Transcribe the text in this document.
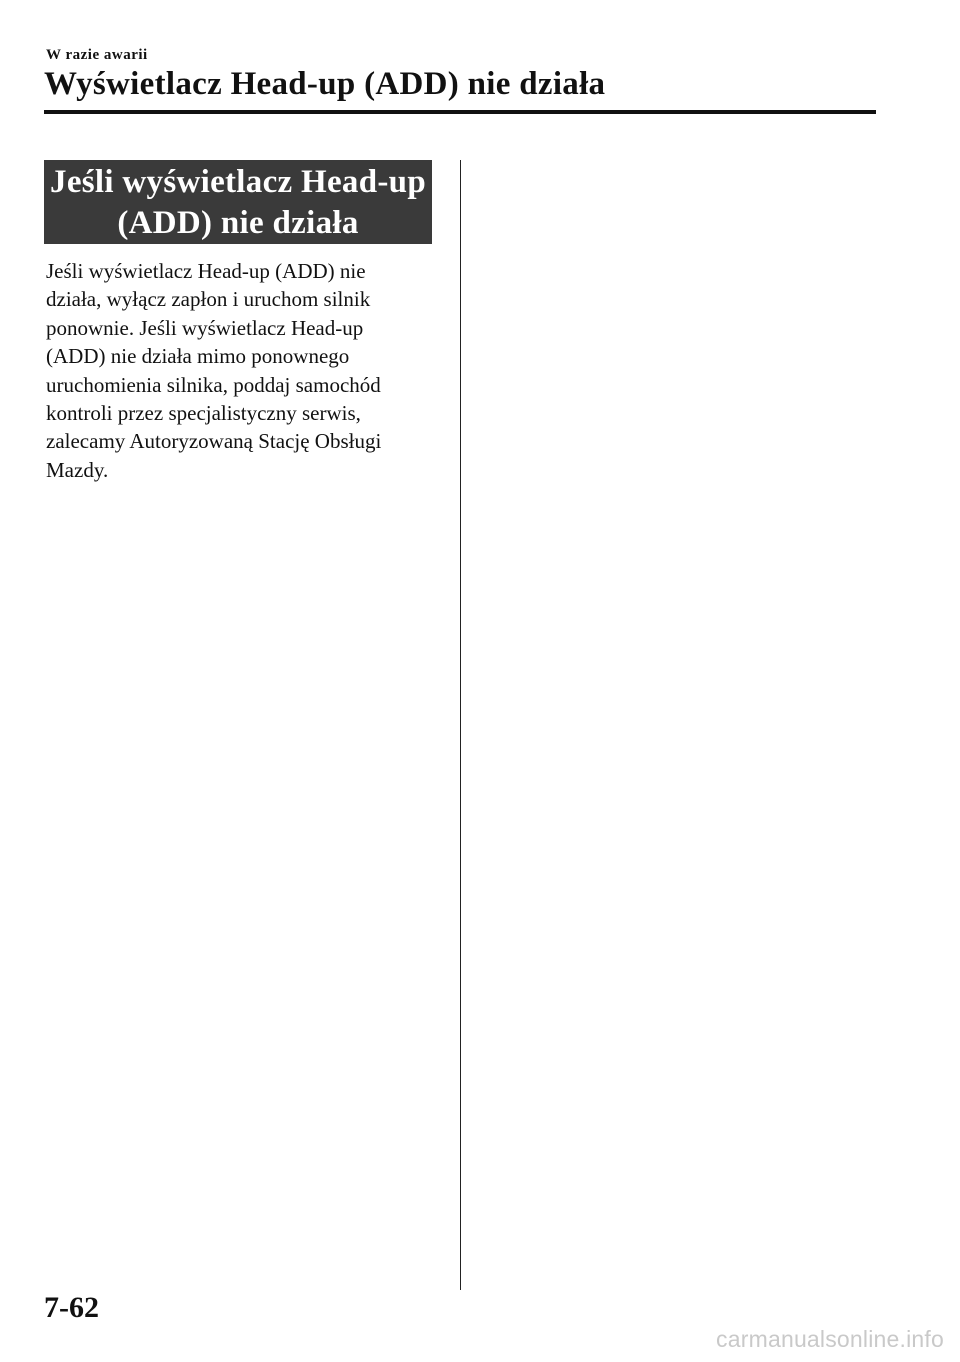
W razie awarii
Wyświetlacz Head-up (ADD) nie działa
Jeśli wyświetlacz Head-up
(ADD) nie działa
Jeśli wyświetlacz Head-up (ADD) nie
działa, wyłącz zapłon i uruchom silnik
ponownie. Jeśli wyświetlacz Head-up
(ADD) nie działa mimo ponownego
uruchomienia silnika, poddaj samochód
kontroli przez specjalistyczny serwis,
zalecamy Autoryzowaną Stację Obsługi
Mazdy.
7-62
carmanualsonline.info
